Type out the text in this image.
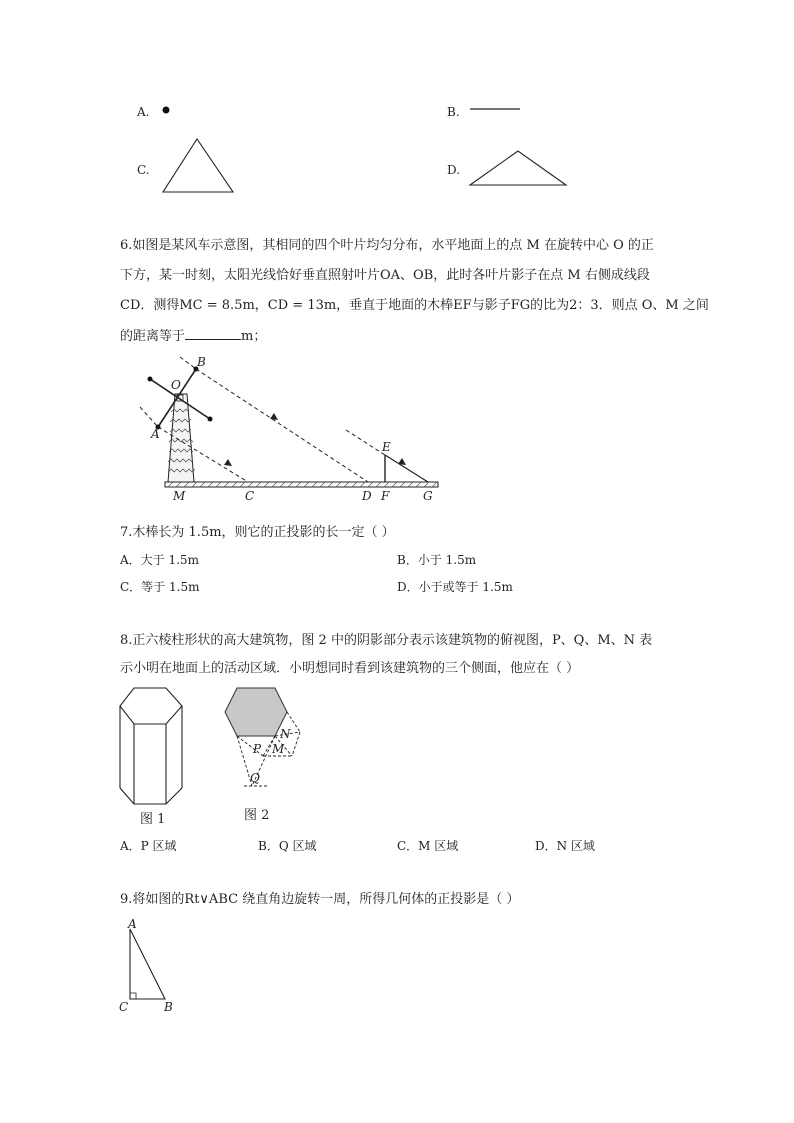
A.	B.
C.	D.
6.如图是某风车示意图，其相同的四个叶片均匀分布，水平地面上的点 M 在旋转中心 O 的正
下方，某一时刻，太阳光线恰好垂直照射叶片OA、OB，此时各叶片影子在点 M 右侧成线段
CD．测得MC = 8.5m，CD = 13m，垂直于地面的木棒EF与影子FG的比为2：3．则点 O、M 之间
的距离等于	m；
B
O
A
E
M	C	D F	G
7.木棒长为 1.5m，则它的正投影的长一定（ ）
A．大于 1.5m	B．小于 1.5m
C．等于 1.5m	D．小于或等于 1.5m
8.正六棱柱形状的高大建筑物，图 2 中的阴影部分表示该建筑物的俯视图，P、Q、M、N 表
示小明在地面上的活动区域．小明想同时看到该建筑物的三个侧面，他应在（ ）
图 1
N
P M
Q
图 2
A．P 区域	B．Q 区域	C．M 区域	D．N 区域
9.将如图的Rt∨ABC 绕直角边旋转一周，所得几何体的正投影是（ ）
A
C	B
